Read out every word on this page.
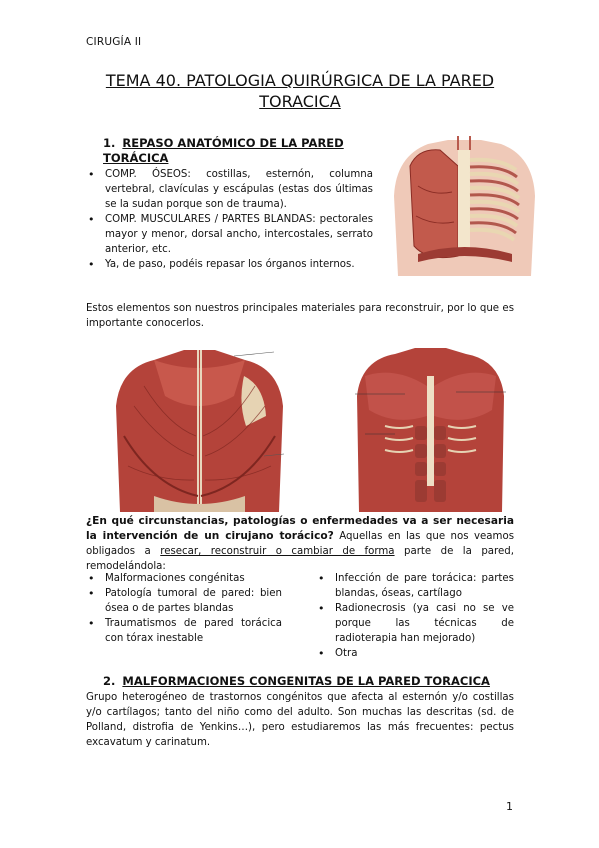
CIRUGÍA II
TEMA 40. PATOLOGIA QUIRÚRGICA DE LA PARED TORACICA
1. REPASO ANATÓMICO DE LA PARED TORÁCICA
• COMP. ÓSEOS: costillas, esternón, columna vertebral, clavículas y escápulas (estas dos últimas se la sudan porque son de trauma).
• COMP. MUSCULARES / PARTES BLANDAS: pectorales mayor y menor, dorsal ancho, intercostales, serrato anterior, etc.
• Ya, de paso, podéis repasar los órganos internos.
Estos elementos son nuestros principales materiales para reconstruir, por lo que es importante conocerlos.
¿En qué circunstancias, patologías o enfermedades va a ser necesaria la intervención de un cirujano torácico? Aquellas en las que nos veamos obligados a resecar, reconstruir o cambiar de forma parte de la pared, remodelándola:
• Malformaciones congénitas
• Patología tumoral de pared: bien ósea o de partes blandas
• Traumatismos de pared torácica con tórax inestable
• Infección de pare torácica: partes blandas, óseas, cartílago
• Radionecrosis (ya casi no se ve porque las técnicas de radioterapia han mejorado)
• Otra
2. MALFORMACIONES CONGENITAS DE LA PARED TORACICA
Grupo heterogéneo de trastornos congénitos que afecta al esternón y/o costillas y/o cartílagos; tanto del niño como del adulto. Son muchas las descritas (sd. de Polland, distrofia de Yenkins…), pero estudiaremos las más frecuentes: pectus excavatum y carinatum.
1
